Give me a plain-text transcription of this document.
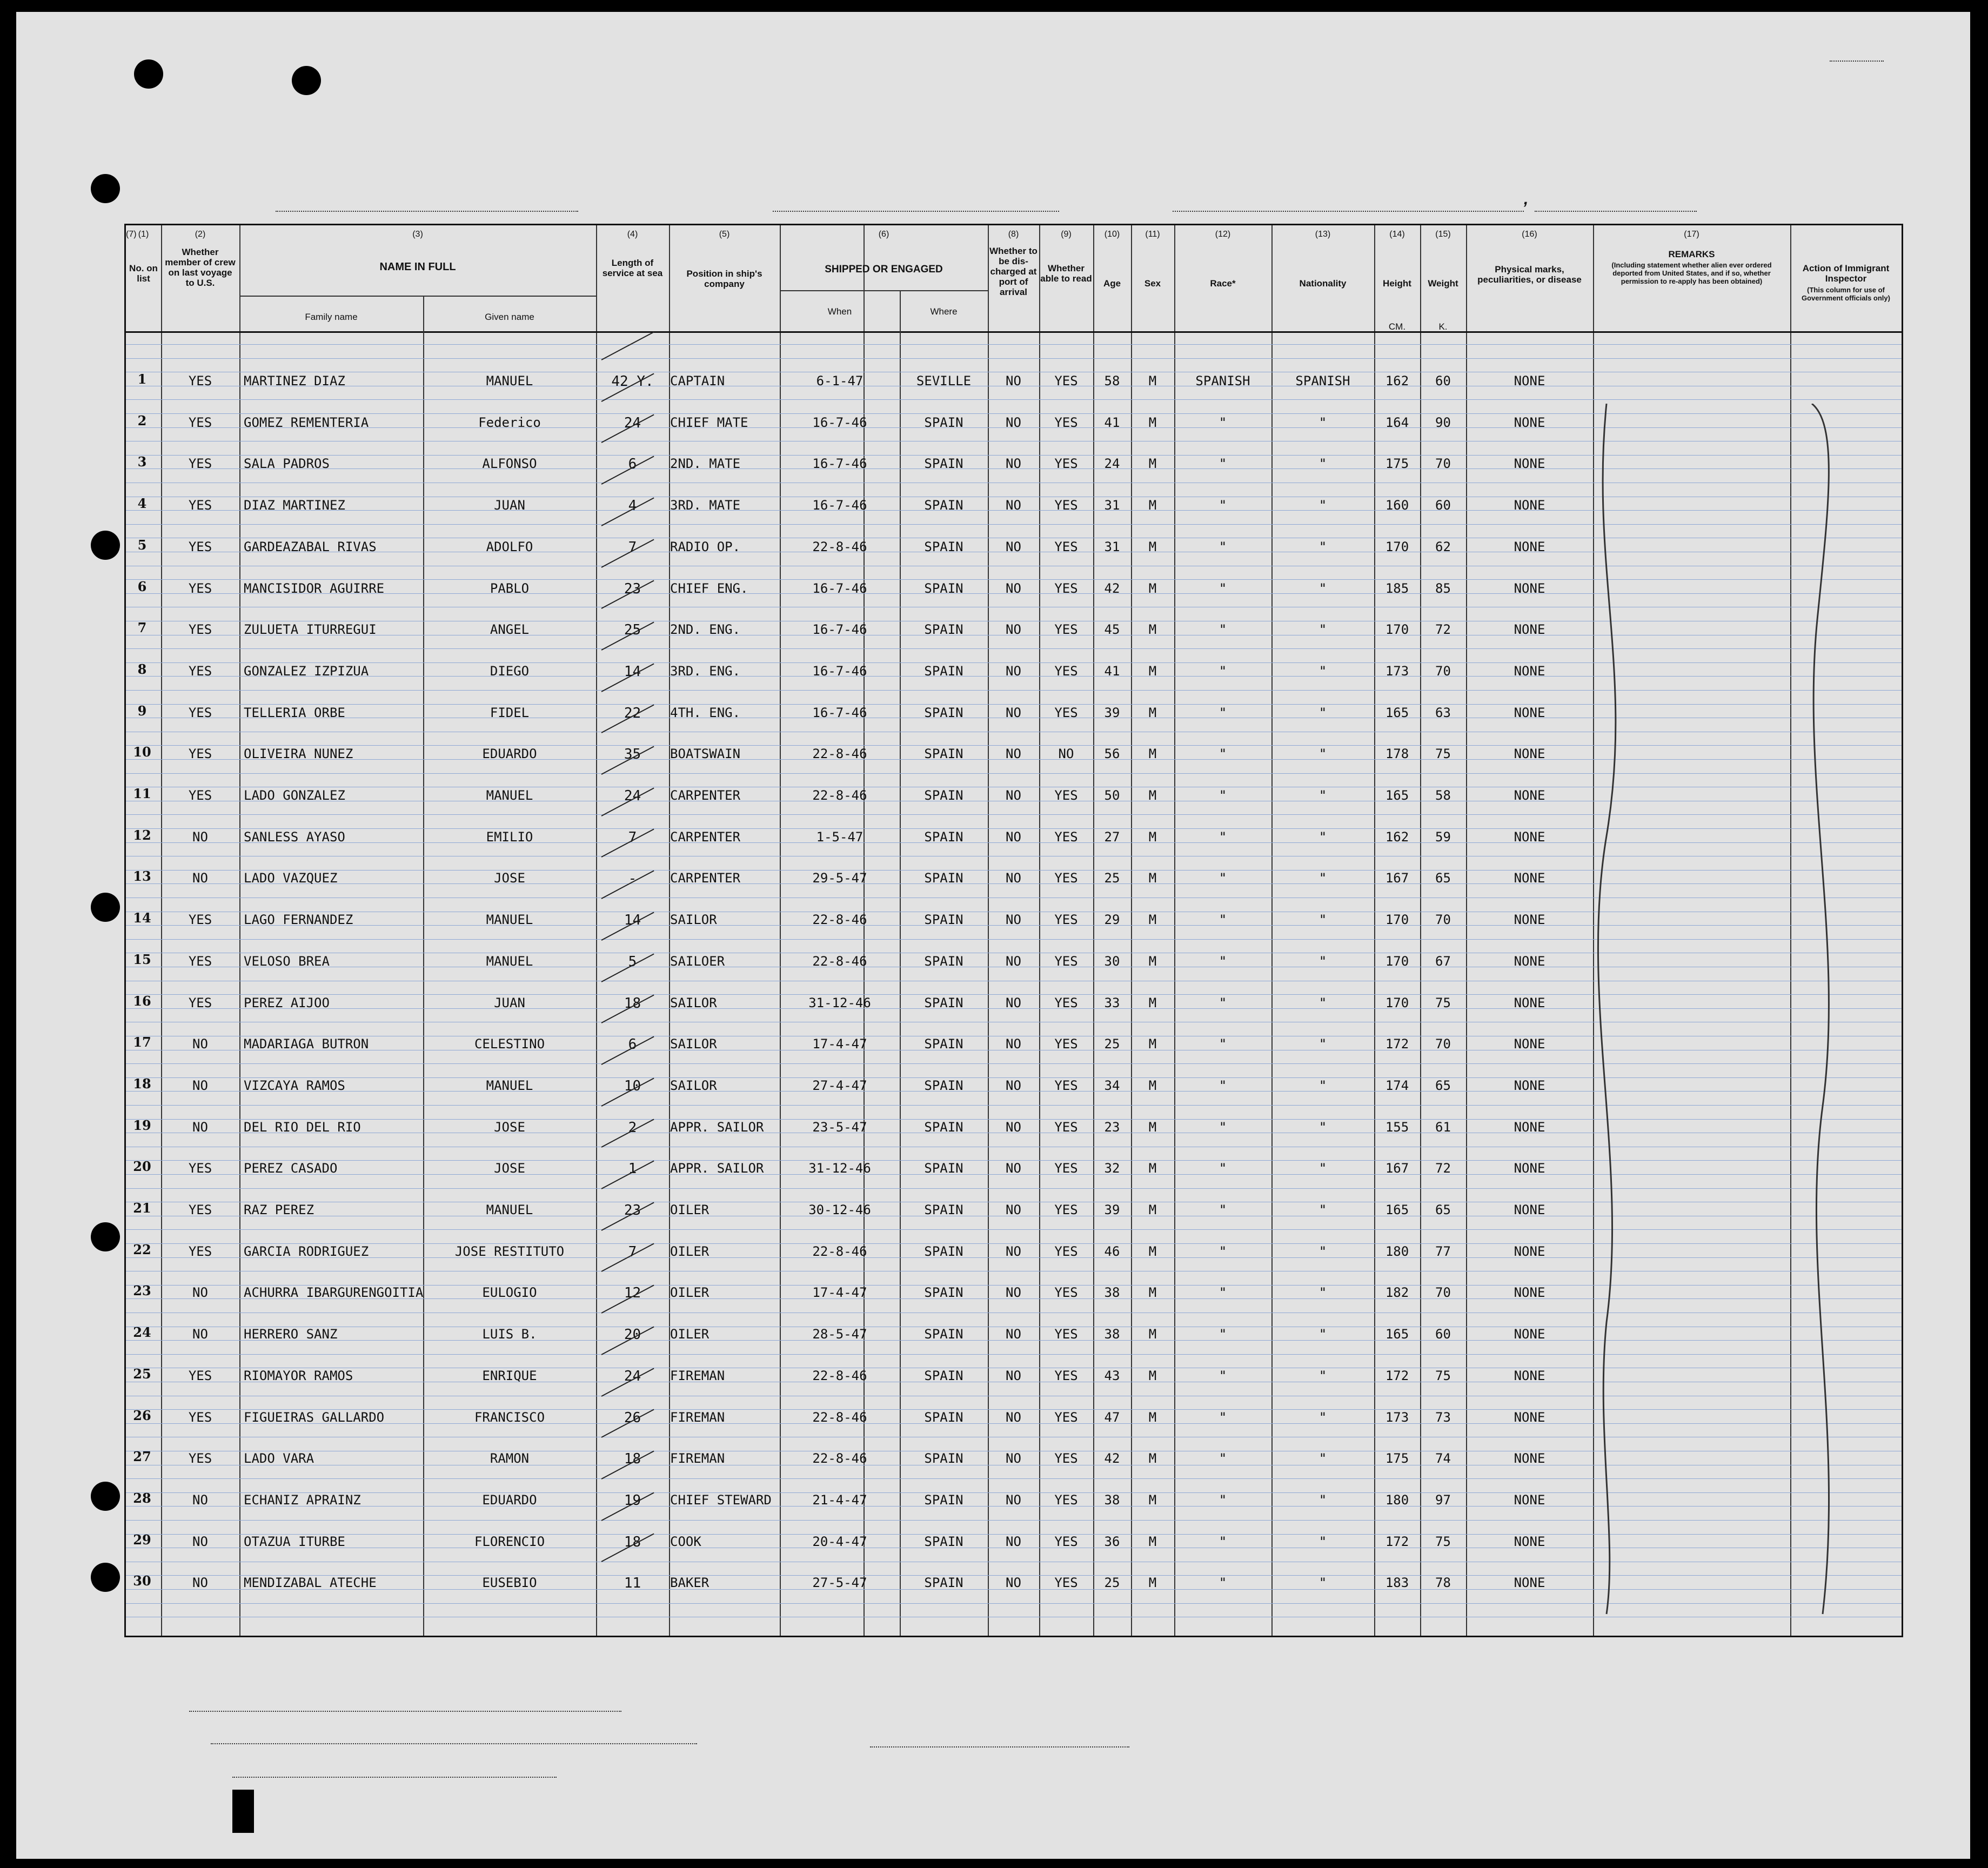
,
(1)	(2)	(3)	(4)	(5)	(6)
(7)	(8)	(9)	(10)	(11)	(12)	(13)	(14)	(15)	(16)	(17)
No. on list
Whether member of crew on last voyage to U.S.
NAME IN FULL
Family name	Given name
Length of service at sea	Position in ship's company
SHIPPED OR ENGAGED
When	Where
Whether to be dis-charged at port of arrival
Whether able to read	Age	Sex	Race*	Nationality	Height
CM.
Weight
K.
Physical marks, peculiarities, or disease
REMARKS
(Including statement whether alien ever ordered deported from United States, and if so, whether permission to re-apply has been obtained)
Action of Immigrant Inspector
(This column for use of Government officials only)
1	YES	MARTINEZ DIAZ	MANUEL	42 Y.	CAPTAIN	6-1-47	SEVILLE	NO	YES	58	M	SPANISH	SPANISH	162	60	NONE
2	YES	GOMEZ REMENTERIA	Federico	24	CHIEF MATE	16-7-46	SPAIN	NO	YES	41	M	"	"	164	90	NONE
3	YES	SALA PADROS	ALFONSO	6	2ND. MATE	16-7-46	SPAIN	NO	YES	24	M	"	"	175	70	NONE
4	YES	DIAZ MARTINEZ	JUAN	4	3RD. MATE	16-7-46	SPAIN	NO	YES	31	M	"	"	160	60	NONE
5	YES	GARDEAZABAL RIVAS	ADOLFO	7	RADIO OP.	22-8-46	SPAIN	NO	YES	31	M	"	"	170	62	NONE
6	YES	MANCISIDOR AGUIRRE	PABLO	23	CHIEF ENG.	16-7-46	SPAIN	NO	YES	42	M	"	"	185	85	NONE
7	YES	ZULUETA ITURREGUI	ANGEL	25	2ND. ENG.	16-7-46	SPAIN	NO	YES	45	M	"	"	170	72	NONE
8	YES	GONZALEZ IZPIZUA	DIEGO	14	3RD. ENG.	16-7-46	SPAIN	NO	YES	41	M	"	"	173	70	NONE
9	YES	TELLERIA ORBE	FIDEL	22	4TH. ENG.	16-7-46	SPAIN	NO	YES	39	M	"	"	165	63	NONE
10	YES	OLIVEIRA NUNEZ	EDUARDO	35	BOATSWAIN	22-8-46	SPAIN	NO	NO	56	M	"	"	178	75	NONE
11	YES	LADO GONZALEZ	MANUEL	24	CARPENTER	22-8-46	SPAIN	NO	YES	50	M	"	"	165	58	NONE
12	NO	SANLESS AYASO	EMILIO	7	CARPENTER	1-5-47	SPAIN	NO	YES	27	M	"	"	162	59	NONE
13	NO	LADO VAZQUEZ	JOSE	-	CARPENTER	29-5-47	SPAIN	NO	YES	25	M	"	"	167	65	NONE
14	YES	LAGO FERNANDEZ	MANUEL	14	SAILOR	22-8-46	SPAIN	NO	YES	29	M	"	"	170	70	NONE
15	YES	VELOSO BREA	MANUEL	5	SAILOER	22-8-46	SPAIN	NO	YES	30	M	"	"	170	67	NONE
16	YES	PEREZ AIJOO	JUAN	18	SAILOR	31-12-46	SPAIN	NO	YES	33	M	"	"	170	75	NONE
17	NO	MADARIAGA BUTRON	CELESTINO	6	SAILOR	17-4-47	SPAIN	NO	YES	25	M	"	"	172	70	NONE
18	NO	VIZCAYA RAMOS	MANUEL	10	SAILOR	27-4-47	SPAIN	NO	YES	34	M	"	"	174	65	NONE
19	NO	DEL RIO DEL RIO	JOSE	2	APPR. SAILOR	23-5-47	SPAIN	NO	YES	23	M	"	"	155	61	NONE
20	YES	PEREZ CASADO	JOSE	1	APPR. SAILOR	31-12-46	SPAIN	NO	YES	32	M	"	"	167	72	NONE
21	YES	RAZ PEREZ	MANUEL	23	OILER	30-12-46	SPAIN	NO	YES	39	M	"	"	165	65	NONE
22	YES	GARCIA RODRIGUEZ	JOSE RESTITUTO	7	OILER	22-8-46	SPAIN	NO	YES	46	M	"	"	180	77	NONE
23	NO	ACHURRA IBARGURENGOITIA	EULOGIO	12	OILER	17-4-47	SPAIN	NO	YES	38	M	"	"	182	70	NONE
24	NO	HERRERO SANZ	LUIS B.	20	OILER	28-5-47	SPAIN	NO	YES	38	M	"	"	165	60	NONE
25	YES	RIOMAYOR RAMOS	ENRIQUE	24	FIREMAN	22-8-46	SPAIN	NO	YES	43	M	"	"	172	75	NONE
26	YES	FIGUEIRAS GALLARDO	FRANCISCO	26	FIREMAN	22-8-46	SPAIN	NO	YES	47	M	"	"	173	73	NONE
27	YES	LADO VARA	RAMON	18	FIREMAN	22-8-46	SPAIN	NO	YES	42	M	"	"	175	74	NONE
28	NO	ECHANIZ APRAINZ	EDUARDO	19	CHIEF STEWARD	21-4-47	SPAIN	NO	YES	38	M	"	"	180	97	NONE
29	NO	OTAZUA ITURBE	FLORENCIO	18	COOK	20-4-47	SPAIN	NO	YES	36	M	"	"	172	75	NONE
30	NO	MENDIZABAL ATECHE	EUSEBIO	11	BAKER	27-5-47	SPAIN	NO	YES	25	M	"	"	183	78	NONE
